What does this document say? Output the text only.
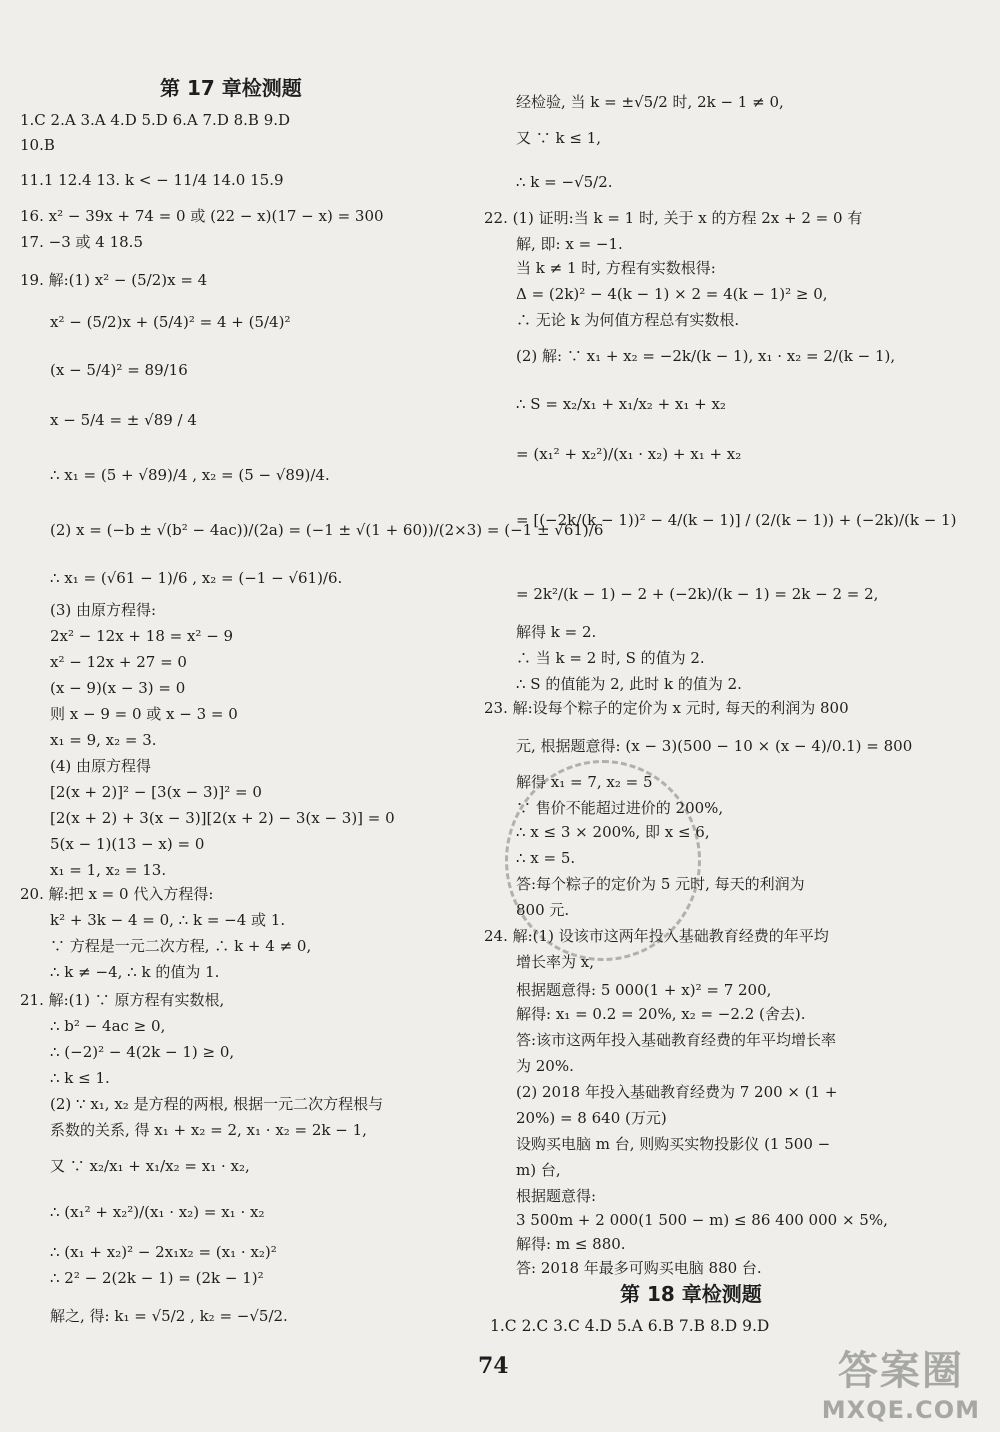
第 17 章检测题
1.C 2.A 3.A 4.D 5.D 6.A 7.D 8.B 9.D
10.B
11.1 12.4 13. k < − 11/4 14.0 15.9
16. x² − 39x + 74 = 0 或 (22 − x)(17 − x) = 300
17. −3 或 4 18.5
19. 解:(1) x² − (5/2)x = 4
x² − (5/2)x + (5/4)² = 4 + (5/4)²
(x − 5/4)² = 89/16
x − 5/4 = ± √89 / 4
∴ x₁ = (5 + √89)/4 , x₂ = (5 − √89)/4.
(2) x = (−b ± √(b² − 4ac))/(2a) = (−1 ± √(1 + 60))/(2×3) = (−1 ± √61)/6
∴ x₁ = (√61 − 1)/6 , x₂ = (−1 − √61)/6.
(3) 由原方程得:
2x² − 12x + 18 = x² − 9
x² − 12x + 27 = 0
(x − 9)(x − 3) = 0
则 x − 9 = 0 或 x − 3 = 0
x₁ = 9, x₂ = 3.
(4) 由原方程得
[2(x + 2)]² − [3(x − 3)]² = 0
[2(x + 2) + 3(x − 3)][2(x + 2) − 3(x − 3)] = 0
5(x − 1)(13 − x) = 0
x₁ = 1, x₂ = 13.
20. 解:把 x = 0 代入方程得:
k² + 3k − 4 = 0, ∴ k = −4 或 1.
∵ 方程是一元二次方程, ∴ k + 4 ≠ 0,
∴ k ≠ −4, ∴ k 的值为 1.
21. 解:(1) ∵ 原方程有实数根,
∴ b² − 4ac ≥ 0,
∴ (−2)² − 4(2k − 1) ≥ 0,
∴ k ≤ 1.
(2) ∵ x₁, x₂ 是方程的两根, 根据一元二次方程根与
系数的关系, 得 x₁ + x₂ = 2, x₁ · x₂ = 2k − 1,
又 ∵ x₂/x₁ + x₁/x₂ = x₁ · x₂,
∴ (x₁² + x₂²)/(x₁ · x₂) = x₁ · x₂
∴ (x₁ + x₂)² − 2x₁x₂ = (x₁ · x₂)²
∴ 2² − 2(2k − 1) = (2k − 1)²
解之, 得: k₁ = √5/2 , k₂ = −√5/2.
经检验, 当 k = ±√5/2 时, 2k − 1 ≠ 0,
又 ∵ k ≤ 1,
∴ k = −√5/2.
22. (1) 证明:当 k = 1 时, 关于 x 的方程 2x + 2 = 0 有
解, 即: x = −1.
当 k ≠ 1 时, 方程有实数根得:
Δ = (2k)² − 4(k − 1) × 2 = 4(k − 1)² ≥ 0,
∴ 无论 k 为何值方程总有实数根.
(2) 解: ∵ x₁ + x₂ = −2k/(k − 1), x₁ · x₂ = 2/(k − 1),
∴ S = x₂/x₁ + x₁/x₂ + x₁ + x₂
= (x₁² + x₂²)/(x₁ · x₂) + x₁ + x₂
= [(−2k/(k − 1))² − 4/(k − 1)] / (2/(k − 1)) + (−2k)/(k − 1)
= 2k²/(k − 1) − 2 + (−2k)/(k − 1) = 2k − 2 = 2,
解得 k = 2.
∴ 当 k = 2 时, S 的值为 2.
∴ S 的值能为 2, 此时 k 的值为 2.
23. 解:设每个粽子的定价为 x 元时, 每天的利润为 800
元, 根据题意得: (x − 3)(500 − 10 × (x − 4)/0.1) = 800
解得 x₁ = 7, x₂ = 5
∵ 售价不能超过进价的 200%,
∴ x ≤ 3 × 200%, 即 x ≤ 6,
∴ x = 5.
答:每个粽子的定价为 5 元时, 每天的利润为
800 元.
24. 解:(1) 设该市这两年投入基础教育经费的年平均
增长率为 x,
根据题意得: 5 000(1 + x)² = 7 200,
解得: x₁ = 0.2 = 20%, x₂ = −2.2 (舍去).
答:该市这两年投入基础教育经费的年平均增长率
为 20%.
(2) 2018 年投入基础教育经费为 7 200 × (1 +
20%) = 8 640 (万元)
设购买电脑 m 台, 则购买实物投影仪 (1 500 −
m) 台,
根据题意得:
3 500m + 2 000(1 500 − m) ≤ 86 400 000 × 5%,
解得: m ≤ 880.
答: 2018 年最多可购买电脑 880 台.
第 18 章检测题
1.C 2.C 3.C 4.D 5.A 6.B 7.B 8.D 9.D
74	答案圈
MXQE.COM
